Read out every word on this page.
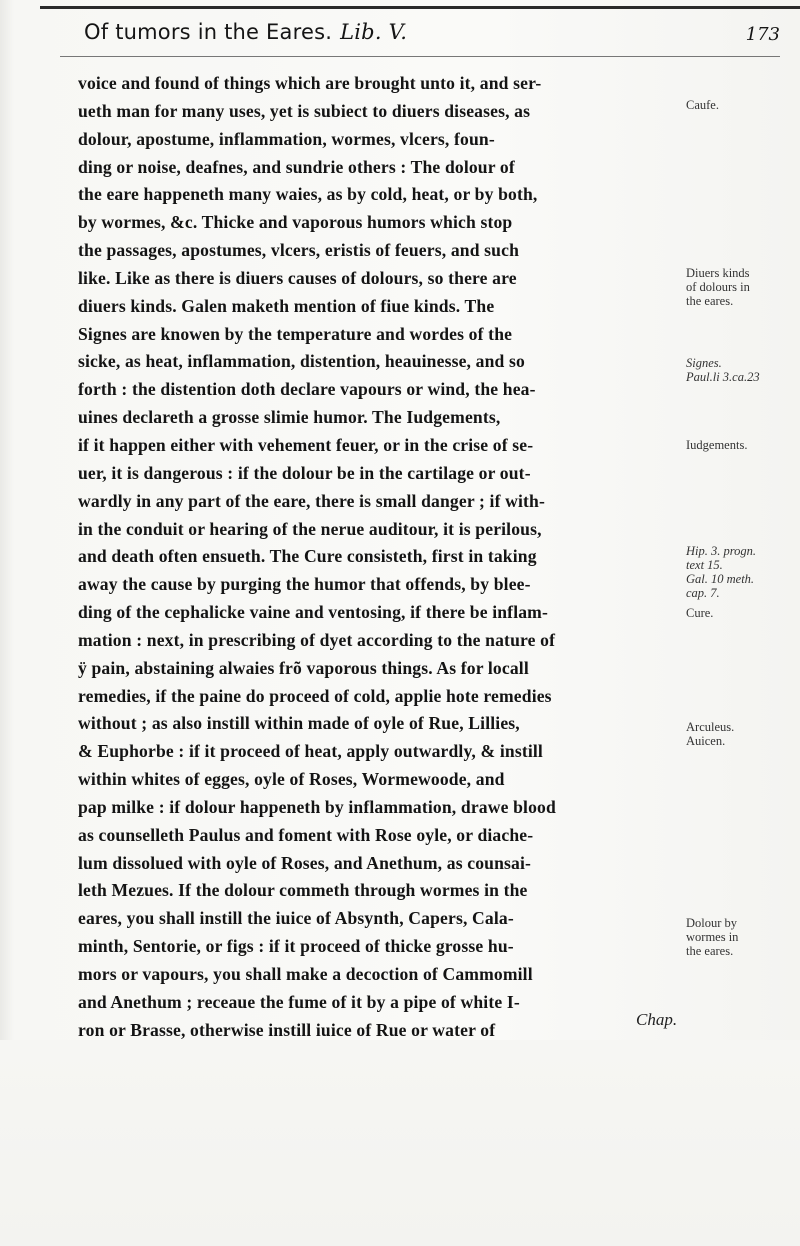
Of tumors in the Eares. Lib. V.	173
voice and found of things which are brought unto it, and ser-
ueth man for many uses, yet is subiect to diuers diseases, as
dolour, apostume, inflammation, wormes, vlcers, foun-
ding or noise, deafnes, and sundrie others : The dolour of
the eare happeneth many waies, as by cold, heat, or by both,
by wormes, &c. Thicke and vaporous humors which stop
the passages, apostumes, vlcers, eristis of feuers, and such
like. Like as there is diuers causes of dolours, so there are
diuers kinds. Galen maketh mention of fiue kinds. The
Signes are knowen by the temperature and wordes of the
sicke, as heat, inflammation, distention, heauinesse, and so
forth : the distention doth declare vapours or wind, the hea-
uines declareth a grosse slimie humor. The Iudgements,
if it happen either with vehement feuer, or in the crise of se-
uer, it is dangerous : if the dolour be in the cartilage or out-
wardly in any part of the eare, there is small danger ; if with-
in the conduit or hearing of the nerue auditour, it is perilous,
and death often ensueth. The Cure consisteth, first in taking
away the cause by purging the humor that offends, by blee-
ding of the cephalicke vaine and ventosing, if there be inflam-
mation : next, in prescribing of dyet according to the nature of
ÿ pain, abstaining alwaies frõ vaporous things. As for locall
remedies, if the paine do proceed of cold, applie hote remedies
without ; as also instill within made of oyle of Rue, Lillies,
& Euphorbe : if it proceed of heat, apply outwardly, & instill
within whites of egges, oyle of Roses, Wormewoode, and
pap milke : if dolour happeneth by inflammation, drawe blood
as counselleth Paulus and foment with Rose oyle, or diache-
lum dissolued with oyle of Roses, and Anethum, as counsai-
leth Mezues. If the dolour commeth through wormes in the
eares, you shall instill the iuice of Absynth, Capers, Cala-
minth, Sentorie, or figs : if it proceed of thicke grosse hu-
mors or vapours, you shall make a decoction of Cammomill
and Anethum ; receaue the fume of it by a pipe of white I-
ron or Brasse, otherwise instill iuice of Rue or water of
Caufe.
Diuers kinds
of dolours in
the eares.
Signes.
Paul.li 3.ca.23
Iudgements.
Hip. 3. progn.
text 15.
Gal. 10 meth.
cap. 7.
Cure.
Arculeus.
Auicen.
Dolour by
wormes in
the eares.
Chap.
